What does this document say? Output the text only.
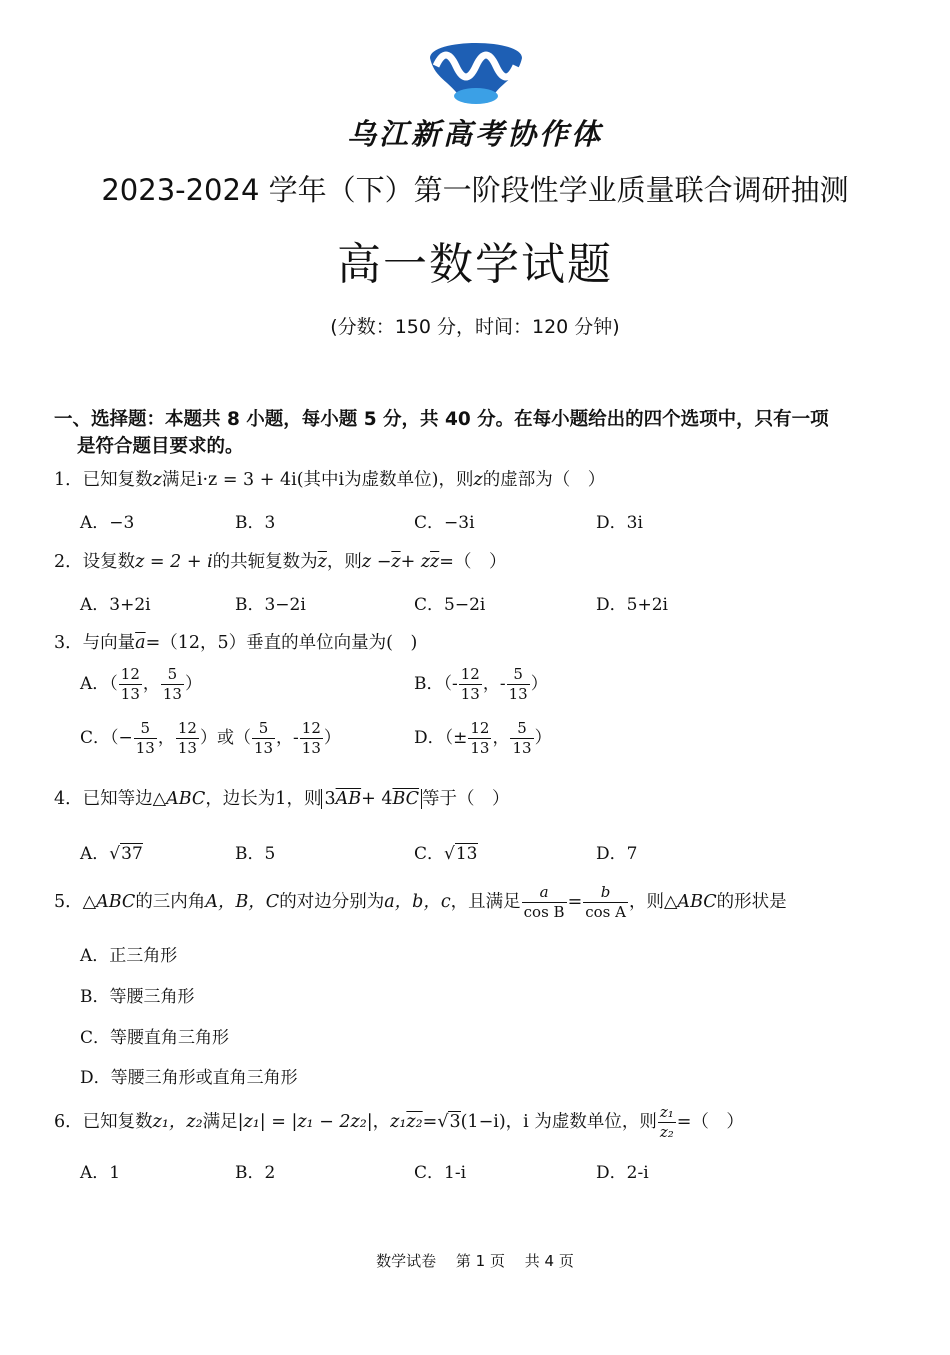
乌江新高考协作体
2023-2024 学年（下）第一阶段性学业质量联合调研抽测
高一数学试题
(分数：150 分，时间：120 分钟)
一、选择题：本题共 8 小题，每小题 5 分，共 40 分。在每小题给出的四个选项中，只有一项
是符合题目要求的。
1．已知复数z满足i·z = 3 + 4i(其中i为虚数单位)，则z的虚部为（　）
A．−3	B．3	C．−3i	D．3i
2．设复数z = 2 + i的共轭复数为$\overline{z}$，则$z -\overline{z}+ z\overline{z}=$（　）
A．3+2i	B．3−2i	C．5−2i	D．5+2i
3．与向量$\overline{a}=(12$，5）垂直的单位向量为(　)
A．（ $\frac{12}{13}$ ， $\frac{5}{13}$ ）	B．（- $\frac{12}{13}$ ，- $\frac{5}{13}$ ）
C．（− $\frac{5}{13}$ ， $\frac{12}{13}$ ）或（ $\frac{5}{13}$ ，- $\frac{12}{13}$ ）	D．（± $\frac{12}{13}$ ， $\frac{5}{13}$ ）
4．已知等边△ABC，边长为1，则 $3\overline{AB}+ 4\overline{BC}$ 等于（　）
A．√37	B．5	C．√13	D．7
5．△ABC的三内角A，B，C的对边分别为a，b，c，且满足 $\frac{a}{\text{cos B}} = \frac{b}{\text{cos A}}$ ，则△ABC的形状是
A．正三角形
B．等腰三角形
C．等腰直角三角形
D．等腰三角形或直角三角形
6．已知复数z₁，z₂满足|z₁| = |z₁ − 2z₂|，z₁z₂=√3(1−i)，i 为虚数单位，则 $\frac{\text{z₁}}{\text{z₂}}$ =（　）
A．1	B．2	C．1-i	D．2-i
数学试卷　 第 1 页　 共 4 页
